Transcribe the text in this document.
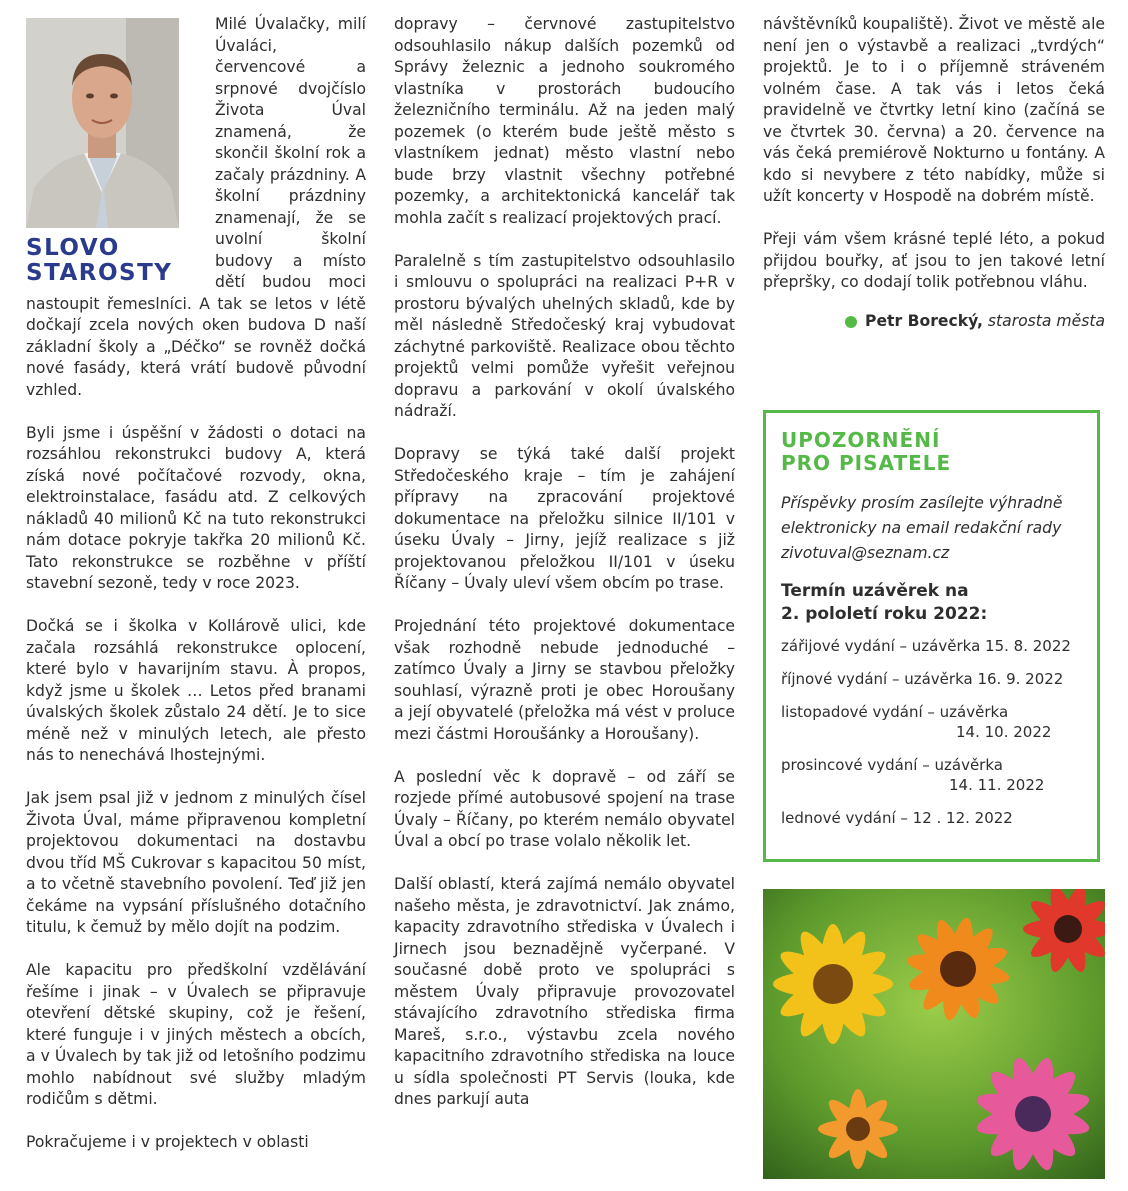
SLOVO
STAROSTY

Milé Úvalačky, milí Úvaláci, červencové a srpnové dvojčíslo Života Úval znamená, že skončil školní rok a začaly prázdniny. A školní prázdniny znamenají, že se uvolní školní budovy a místo dětí budou moci nastoupit řemeslníci. A tak se letos v létě dočkají zcela nových oken budova D naší základní školy a „Déčko“ se rovněž dočká nové fasády, která vrátí budově původní vzhled.

Byli jsme i úspěšní v žádosti o dotaci na rozsáhlou rekonstrukci budovy A, která získá nové počítačové rozvody, okna, elektroinstalace, fasádu atd. Z celkových nákladů 40 milionů Kč na tuto rekonstrukci nám dotace pokryje takřka 20 milionů Kč. Tato rekonstrukce se rozběhne v příští stavební sezoně, tedy v roce 2023.

Dočká se i školka v Kollárově ulici, kde začala rozsáhlá rekonstrukce oplocení, které bylo v havarijním stavu. À propos, když jsme u školek … Letos před branami úvalských školek zůstalo 24 dětí. Je to sice méně než v minulých letech, ale přesto nás to nenechává lhostejnými.

Jak jsem psal již v jednom z minulých čísel Života Úval, máme připravenou kompletní projektovou dokumentaci na dostavbu dvou tříd MŠ Cukrovar s kapacitou 50 míst, a to včetně stavebního povolení. Teď již jen čekáme na vypsání příslušného dotačního titulu, k čemuž by mělo dojít na podzim.

Ale kapacitu pro předškolní vzdělávání řešíme i jinak – v Úvalech se připravuje otevření dětské skupiny, což je řešení, které funguje i v jiných městech a obcích, a v Úvalech by tak již od letošního podzimu mohlo nabídnout své služby mladým rodičům s dětmi.

Pokračujeme i v projektech v oblasti

dopravy – červnové zastupitelstvo odsouhlasilo nákup dalších pozemků od Správy železnic a jednoho soukromého vlastníka v prostorách budoucího železničního terminálu. Až na jeden malý pozemek (o kterém bude ještě město s vlastníkem jednat) město vlastní nebo bude brzy vlastnit všechny potřebné pozemky, a architektonická kancelář tak mohla začít s realizací projektových prací.

Paralelně s tím zastupitelstvo odsouhlasilo i smlouvu o spolupráci na realizaci P+R v prostoru bývalých uhelných skladů, kde by měl následně Středočeský kraj vybudovat záchytné parkoviště. Realizace obou těchto projektů velmi pomůže vyřešit veřejnou dopravu a parkování v okolí úvalského nádraží.

Dopravy se týká také další projekt Středočeského kraje – tím je zahájení přípravy na zpracování projektové dokumentace na přeložku silnice II/101 v úseku Úvaly – Jirny, jejíž realizace s již projektovanou přeložkou II/101 v úseku Říčany – Úvaly uleví všem obcím po trase.

Projednání této projektové dokumentace však rozhodně nebude jednoduché – zatímco Úvaly a Jirny se stavbou přeložky souhlasí, výrazně proti je obec Horoušany a její obyvatelé (přeložka má vést v proluce mezi částmi Horoušánky a Horoušany).

A poslední věc k dopravě – od září se rozjede přímé autobusové spojení na trase Úvaly – Říčany, po kterém nemálo obyvatel Úval a obcí po trase volalo několik let.

Další oblastí, která zajímá nemálo obyvatel našeho města, je zdravotnictví. Jak známo, kapacity zdravotního střediska v Úvalech i Jirnech jsou beznadějně vyčerpané. V současné době proto ve spolupráci s městem Úvaly připravuje provozovatel stávajícího zdravotního střediska firma Mareš, s.r.o., výstavbu zcela nového kapacitního zdravotního střediska na louce u sídla společnosti PT Servis (louka, kde dnes parkují auta

návštěvníků koupaliště). Život ve městě ale není jen o výstavbě a realizaci „tvrdých“ projektů. Je to i o příjemně stráveném volném čase. A tak vás i letos čeká pravidelně ve čtvrtky letní kino (začíná se ve čtvrtek 30. června) a 20. července na vás čeká premiérově Nokturno u fontány. A kdo si nevybere z této nabídky, může si užít koncerty v Hospodě na dobrém místě.

Přeji vám všem krásné teplé léto, a pokud přijdou bouřky, ať jsou to jen takové letní přepršky, co dodají tolik potřebnou vláhu.

Petr Borecký, starosta města
UPOZORNĚNÍ
PRO PISATELE

Příspěvky prosím zasílejte výhradně elektronicky na email redakční rady zivotuval@seznam.cz

Termín uzávěrek na
2. pololetí roku 2022:
zářijové vydání – uzávěrka 15. 8. 2022
říjnové vydání – uzávěrka 16. 9. 2022
listopadové vydání – uzávěrka
14. 10. 2022
prosincové vydání – uzávěrka
14. 11. 2022
lednové vydání – 12 . 12. 2022
